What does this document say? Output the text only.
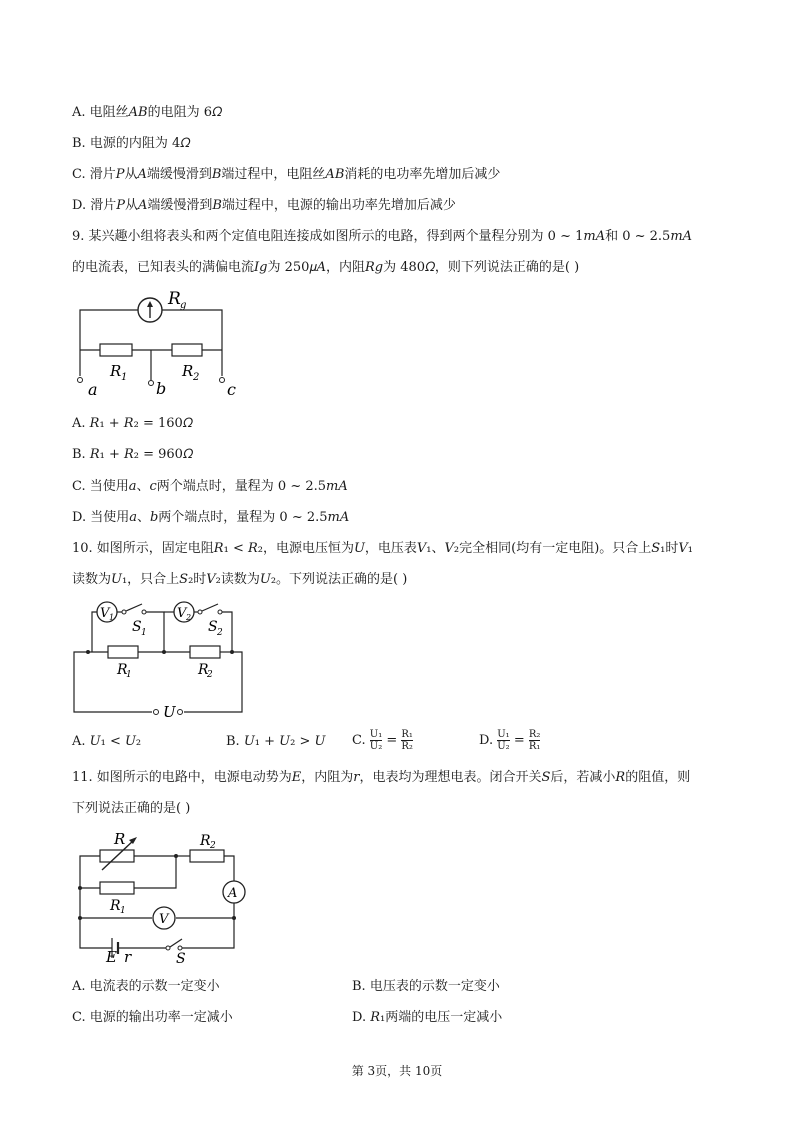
A. 电阻丝𝐴𝐵的电阻为 6𝛺
B. 电源的内阻为 4𝛺
C. 滑片𝑃从𝐴端缓慢滑到𝐵端过程中，电阻丝𝐴𝐵消耗的电功率先增加后减少
D. 滑片𝑃从𝐴端缓慢滑到𝐵端过程中，电源的输出功率先增加后减少
9. 某兴趣小组将表头和两个定值电阻连接成如图所示的电路，得到两个量程分别为 0 ~ 1𝑚𝐴和 0 ~ 2.5𝑚𝐴
的电流表，已知表头的满偏电流𝐼𝑔为 250𝜇𝐴，内阻𝑅𝑔为 480𝛺，则下列说法正确的是( )
R g
R 1	R 2
a	b	c
A. 𝑅₁ + 𝑅₂ = 160𝛺
B. 𝑅₁ + 𝑅₂ = 960𝛺
C. 当使用𝑎、𝑐两个端点时，量程为 0 ~ 2.5𝑚𝐴
D. 当使用𝑎、𝑏两个端点时，量程为 0 ~ 2.5𝑚𝐴
10. 如图所示，固定电阻𝑅₁ < 𝑅₂，电源电压恒为𝑈，电压表𝑉₁、𝑉₂完全相同(均有一定电阻)。只合上𝑆₁时𝑉₁
读数为𝑈₁，只合上𝑆₂时𝑉₂读数为𝑈₂。下列说法正确的是( )
V 1	V 2
S 1	S 2
R
1	R
2
U
A. 𝑈₁ < 𝑈₂	B. 𝑈₁ + 𝑈₂ > 𝑈 C. $\frac{\text{U₁}}{\text{U₂}} = \frac{\text{R₁}}{\text{R₂}}$	D. $\frac{\text{U₁}}{\text{U₂}} = \frac{\text{R₂}}{\text{R₁}}$
11. 如图所示的电路中，电源电动势为𝐸，内阻为𝑟，电表均为理想电表。闭合开关𝑆后，若减小𝑅的阻值，则
下列说法正确的是( )
R	R 2
R 1
A
V
E r	S
A. 电流表的示数一定变小	B. 电压表的示数一定变小
C. 电源的输出功率一定减小	D. 𝑅₁两端的电压一定减小
第 3页，共 10页
